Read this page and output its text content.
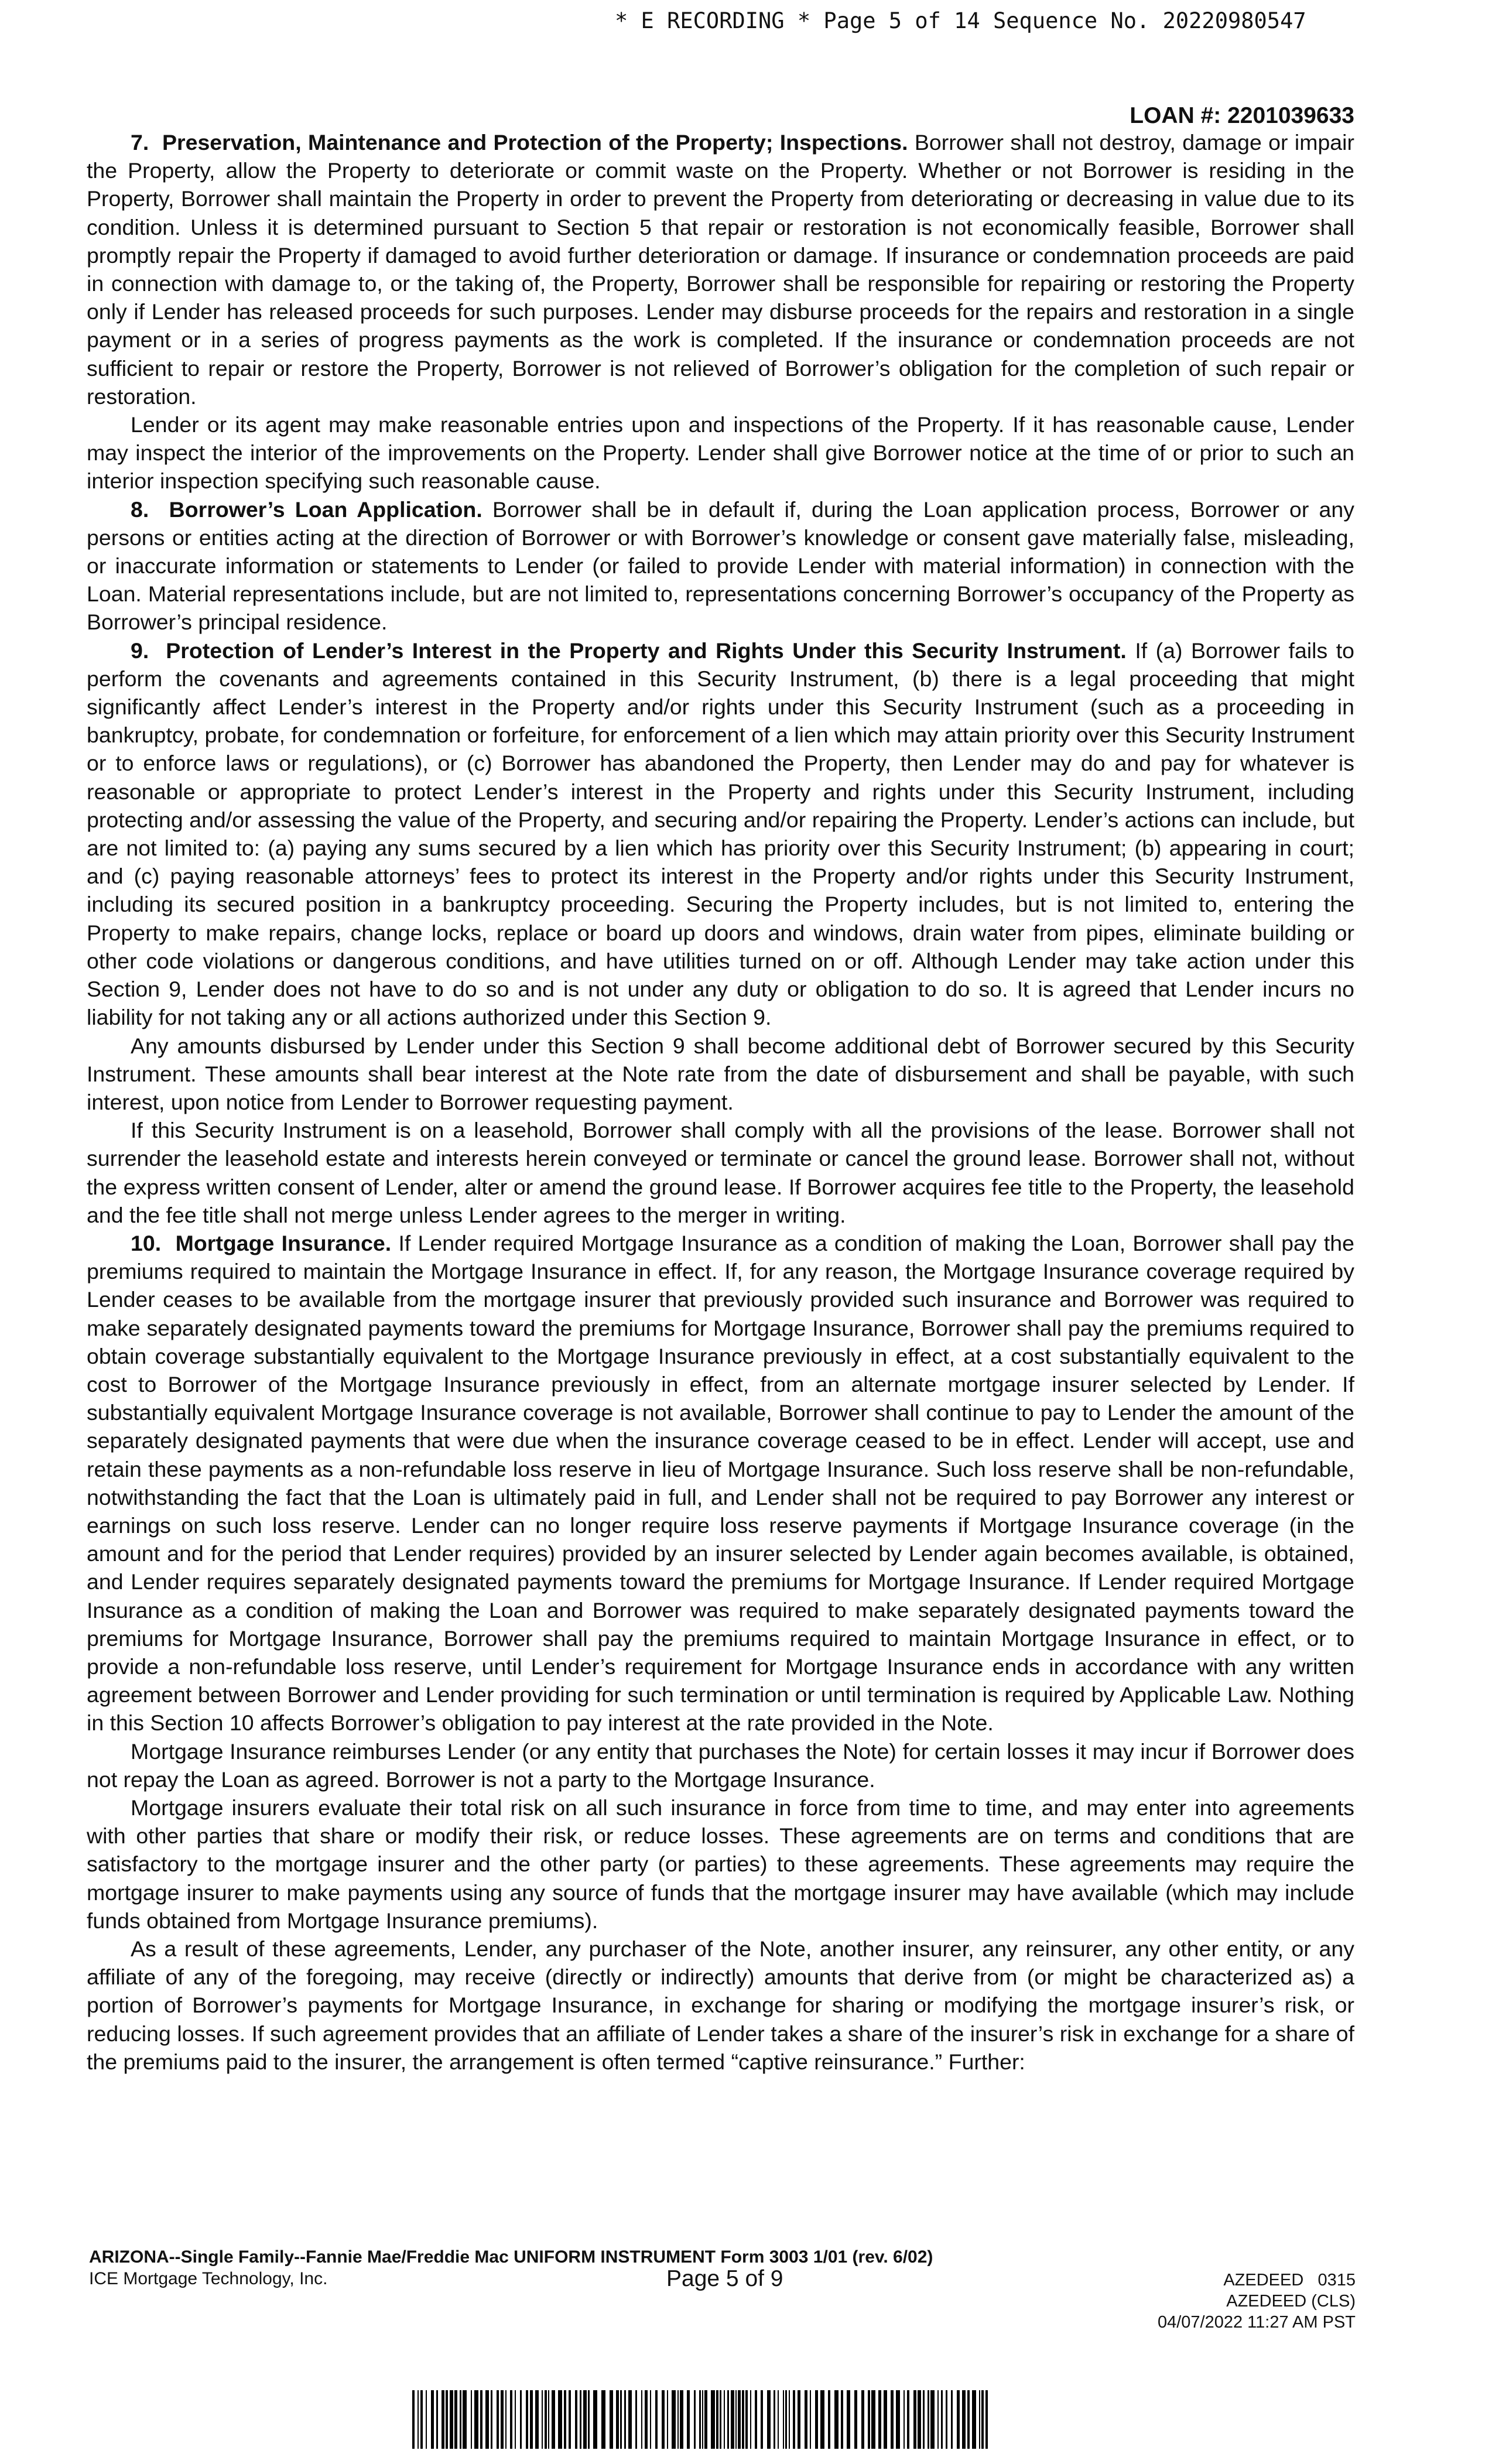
* E RECORDING * Page 5 of 14 Sequence No. 20220980547
LOAN #: 2201039633

7.  Preservation, Maintenance and Protection of the Property; Inspections. Borrower shall not destroy, damage or impair the Property, allow the Property to deteriorate or commit waste on the Property. Whether or not Borrower is residing in the Property, Borrower shall maintain the Property in order to prevent the Property from deteriorating or decreasing in value due to its condition. Unless it is determined pursuant to Section 5 that repair or restoration is not economically feasible, Borrower shall promptly repair the Property if damaged to avoid further deterioration or damage. If insurance or condemnation proceeds are paid in connection with damage to, or the taking of, the Property, Borrower shall be responsible for repairing or restoring the Property only if Lender has released proceeds for such purposes. Lender may disburse proceeds for the repairs and restoration in a single payment or in a series of progress payments as the work is completed. If the insurance or condemnation proceeds are not sufficient to repair or restore the Property, Borrower is not relieved of Borrower’s obligation for the completion of such repair or restoration.

Lender or its agent may make reasonable entries upon and inspections of the Property. If it has reasonable cause, Lender may inspect the interior of the improvements on the Property. Lender shall give Borrower notice at the time of or prior to such an interior inspection specifying such reasonable cause.

8.  Borrower’s Loan Application. Borrower shall be in default if, during the Loan application process, Borrower or any persons or entities acting at the direction of Borrower or with Borrower’s knowledge or consent gave materially false, misleading, or inaccurate information or statements to Lender (or failed to provide Lender with material information) in connection with the Loan. Material representations include, but are not limited to, representations concerning Borrower’s occupancy of the Property as Borrower’s principal residence.

9.  Protection of Lender’s Interest in the Property and Rights Under this Security Instrument. If (a) Borrower fails to perform the covenants and agreements contained in this Security Instrument, (b) there is a legal proceeding that might significantly affect Lender’s interest in the Property and/or rights under this Security Instrument (such as a proceeding in bankruptcy, probate, for condemnation or forfeiture, for enforcement of a lien which may attain priority over this Security Instrument or to enforce laws or regulations), or (c) Borrower has abandoned the Property, then Lender may do and pay for whatever is reasonable or appropriate to protect Lender’s interest in the Property and rights under this Security Instrument, including protecting and/or assessing the value of the Property, and securing and/or repairing the Property. Lender’s actions can include, but are not limited to: (a) paying any sums secured by a lien which has priority over this Security Instrument; (b) appearing in court; and (c) paying reasonable attorneys’ fees to protect its interest in the Property and/or rights under this Security Instrument, including its secured position in a bankruptcy proceeding. Securing the Property includes, but is not limited to, entering the Property to make repairs, change locks, replace or board up doors and windows, drain water from pipes, eliminate building or other code violations or dangerous conditions, and have utilities turned on or off. Although Lender may take action under this Section 9, Lender does not have to do so and is not under any duty or obligation to do so. It is agreed that Lender incurs no liability for not taking any or all actions authorized under this Section 9.

Any amounts disbursed by Lender under this Section 9 shall become additional debt of Borrower secured by this Security Instrument. These amounts shall bear interest at the Note rate from the date of disbursement and shall be payable, with such interest, upon notice from Lender to Borrower requesting payment.

If this Security Instrument is on a leasehold, Borrower shall comply with all the provisions of the lease. Borrower shall not surrender the leasehold estate and interests herein conveyed or terminate or cancel the ground lease. Borrower shall not, without the express written consent of Lender, alter or amend the ground lease. If Borrower acquires fee title to the Property, the leasehold and the fee title shall not merge unless Lender agrees to the merger in writing.

10.  Mortgage Insurance. If Lender required Mortgage Insurance as a condition of making the Loan, Borrower shall pay the premiums required to maintain the Mortgage Insurance in effect. If, for any reason, the Mortgage Insurance coverage required by Lender ceases to be available from the mortgage insurer that previously provided such insurance and Borrower was required to make separately designated payments toward the premiums for Mortgage Insurance, Borrower shall pay the premiums required to obtain coverage substantially equivalent to the Mortgage Insurance previously in effect, at a cost substantially equivalent to the cost to Borrower of the Mortgage Insurance previously in effect, from an alternate mortgage insurer selected by Lender. If substantially equivalent Mortgage Insurance coverage is not available, Borrower shall continue to pay to Lender the amount of the separately designated payments that were due when the insurance coverage ceased to be in effect. Lender will accept, use and retain these payments as a non-refundable loss reserve in lieu of Mortgage Insurance. Such loss reserve shall be non-refundable, notwithstanding the fact that the Loan is ultimately paid in full, and Lender shall not be required to pay Borrower any interest or earnings on such loss reserve. Lender can no longer require loss reserve payments if Mortgage Insurance coverage (in the amount and for the period that Lender requires) provided by an insurer selected by Lender again becomes available, is obtained, and Lender requires separately designated payments toward the premiums for Mortgage Insurance. If Lender required Mortgage Insurance as a condition of making the Loan and Borrower was required to make separately designated payments toward the premiums for Mortgage Insurance, Borrower shall pay the premiums required to maintain Mortgage Insurance in effect, or to provide a non-refundable loss reserve, until Lender’s requirement for Mortgage Insurance ends in accordance with any written agreement between Borrower and Lender providing for such termination or until termination is required by Applicable Law. Nothing in this Section 10 affects Borrower’s obligation to pay interest at the rate provided in the Note.

Mortgage Insurance reimburses Lender (or any entity that purchases the Note) for certain losses it may incur if Borrower does not repay the Loan as agreed. Borrower is not a party to the Mortgage Insurance.

Mortgage insurers evaluate their total risk on all such insurance in force from time to time, and may enter into agreements with other parties that share or modify their risk, or reduce losses. These agreements are on terms and conditions that are satisfactory to the mortgage insurer and the other party (or parties) to these agreements. These agreements may require the mortgage insurer to make payments using any source of funds that the mortgage insurer may have available (which may include funds obtained from Mortgage Insurance premiums).

As a result of these agreements, Lender, any purchaser of the Note, another insurer, any reinsurer, any other entity, or any affiliate of any of the foregoing, may receive (directly or indirectly) amounts that derive from (or might be characterized as) a portion of Borrower’s payments for Mortgage Insurance, in exchange for sharing or modifying the mortgage insurer’s risk, or reducing losses. If such agreement provides that an affiliate of Lender takes a share of the insurer’s risk in exchange for a share of the premiums paid to the insurer, the arrangement is often termed “captive reinsurance.” Further:

ARIZONA--Single Family--Fannie Mae/Freddie Mac UNIFORM INSTRUMENT Form 3003 1/01 (rev. 6/02)
ICE Mortgage Technology, Inc.	Page 5 of 9	AZEDEED   0315
AZEDEED (CLS)
04/07/2022 11:27 AM PST
